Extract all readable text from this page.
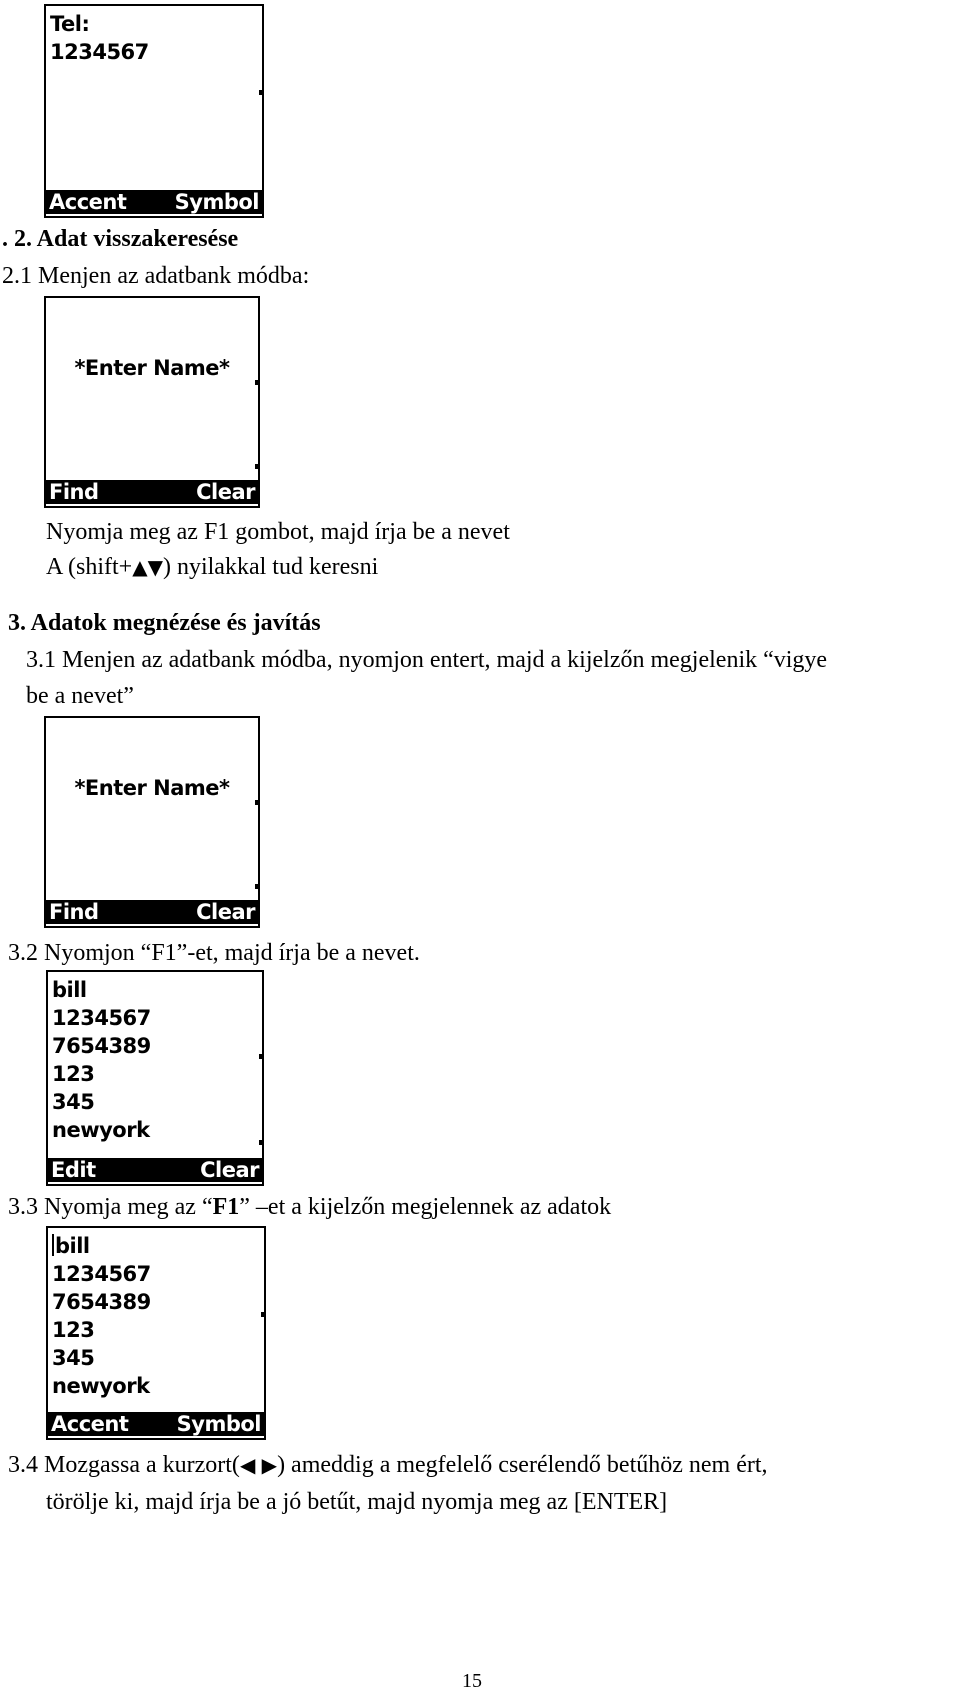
Tel:
1234567
Accent Symbol
. 2. Adat visszakeresése
2.1 Menjen az adatbank módba:
*Enter Name*
Find	Clear
Nyomja meg az F1 gombot, majd írja be a nevet
A (shift+▲▼) nyilakkal tud keresni
3. Adatok megnézése és javítás
3.1 Menjen az adatbank módba, nyomjon entert, majd a kijelzőn megjelenik “vigye
be a nevet”
*Enter Name*
Find	Clear
3.2 Nyomjon “F1”-et, majd írja be a nevet.
bill
1234567
7654389
123
345
newyork
Edit	Clear
3.3 Nyomja meg az “F1” –et a kijelzőn megjelennek az adatok
bill
1234567
7654389
123
345
newyork
Accent Symbol
3.4 Mozgassa a kurzort(◀ ▶) ameddig a megfelelő cserélendő betűhöz nem ért,
törölje ki, majd írja be a jó betűt, majd nyomja meg az [ENTER]
15
